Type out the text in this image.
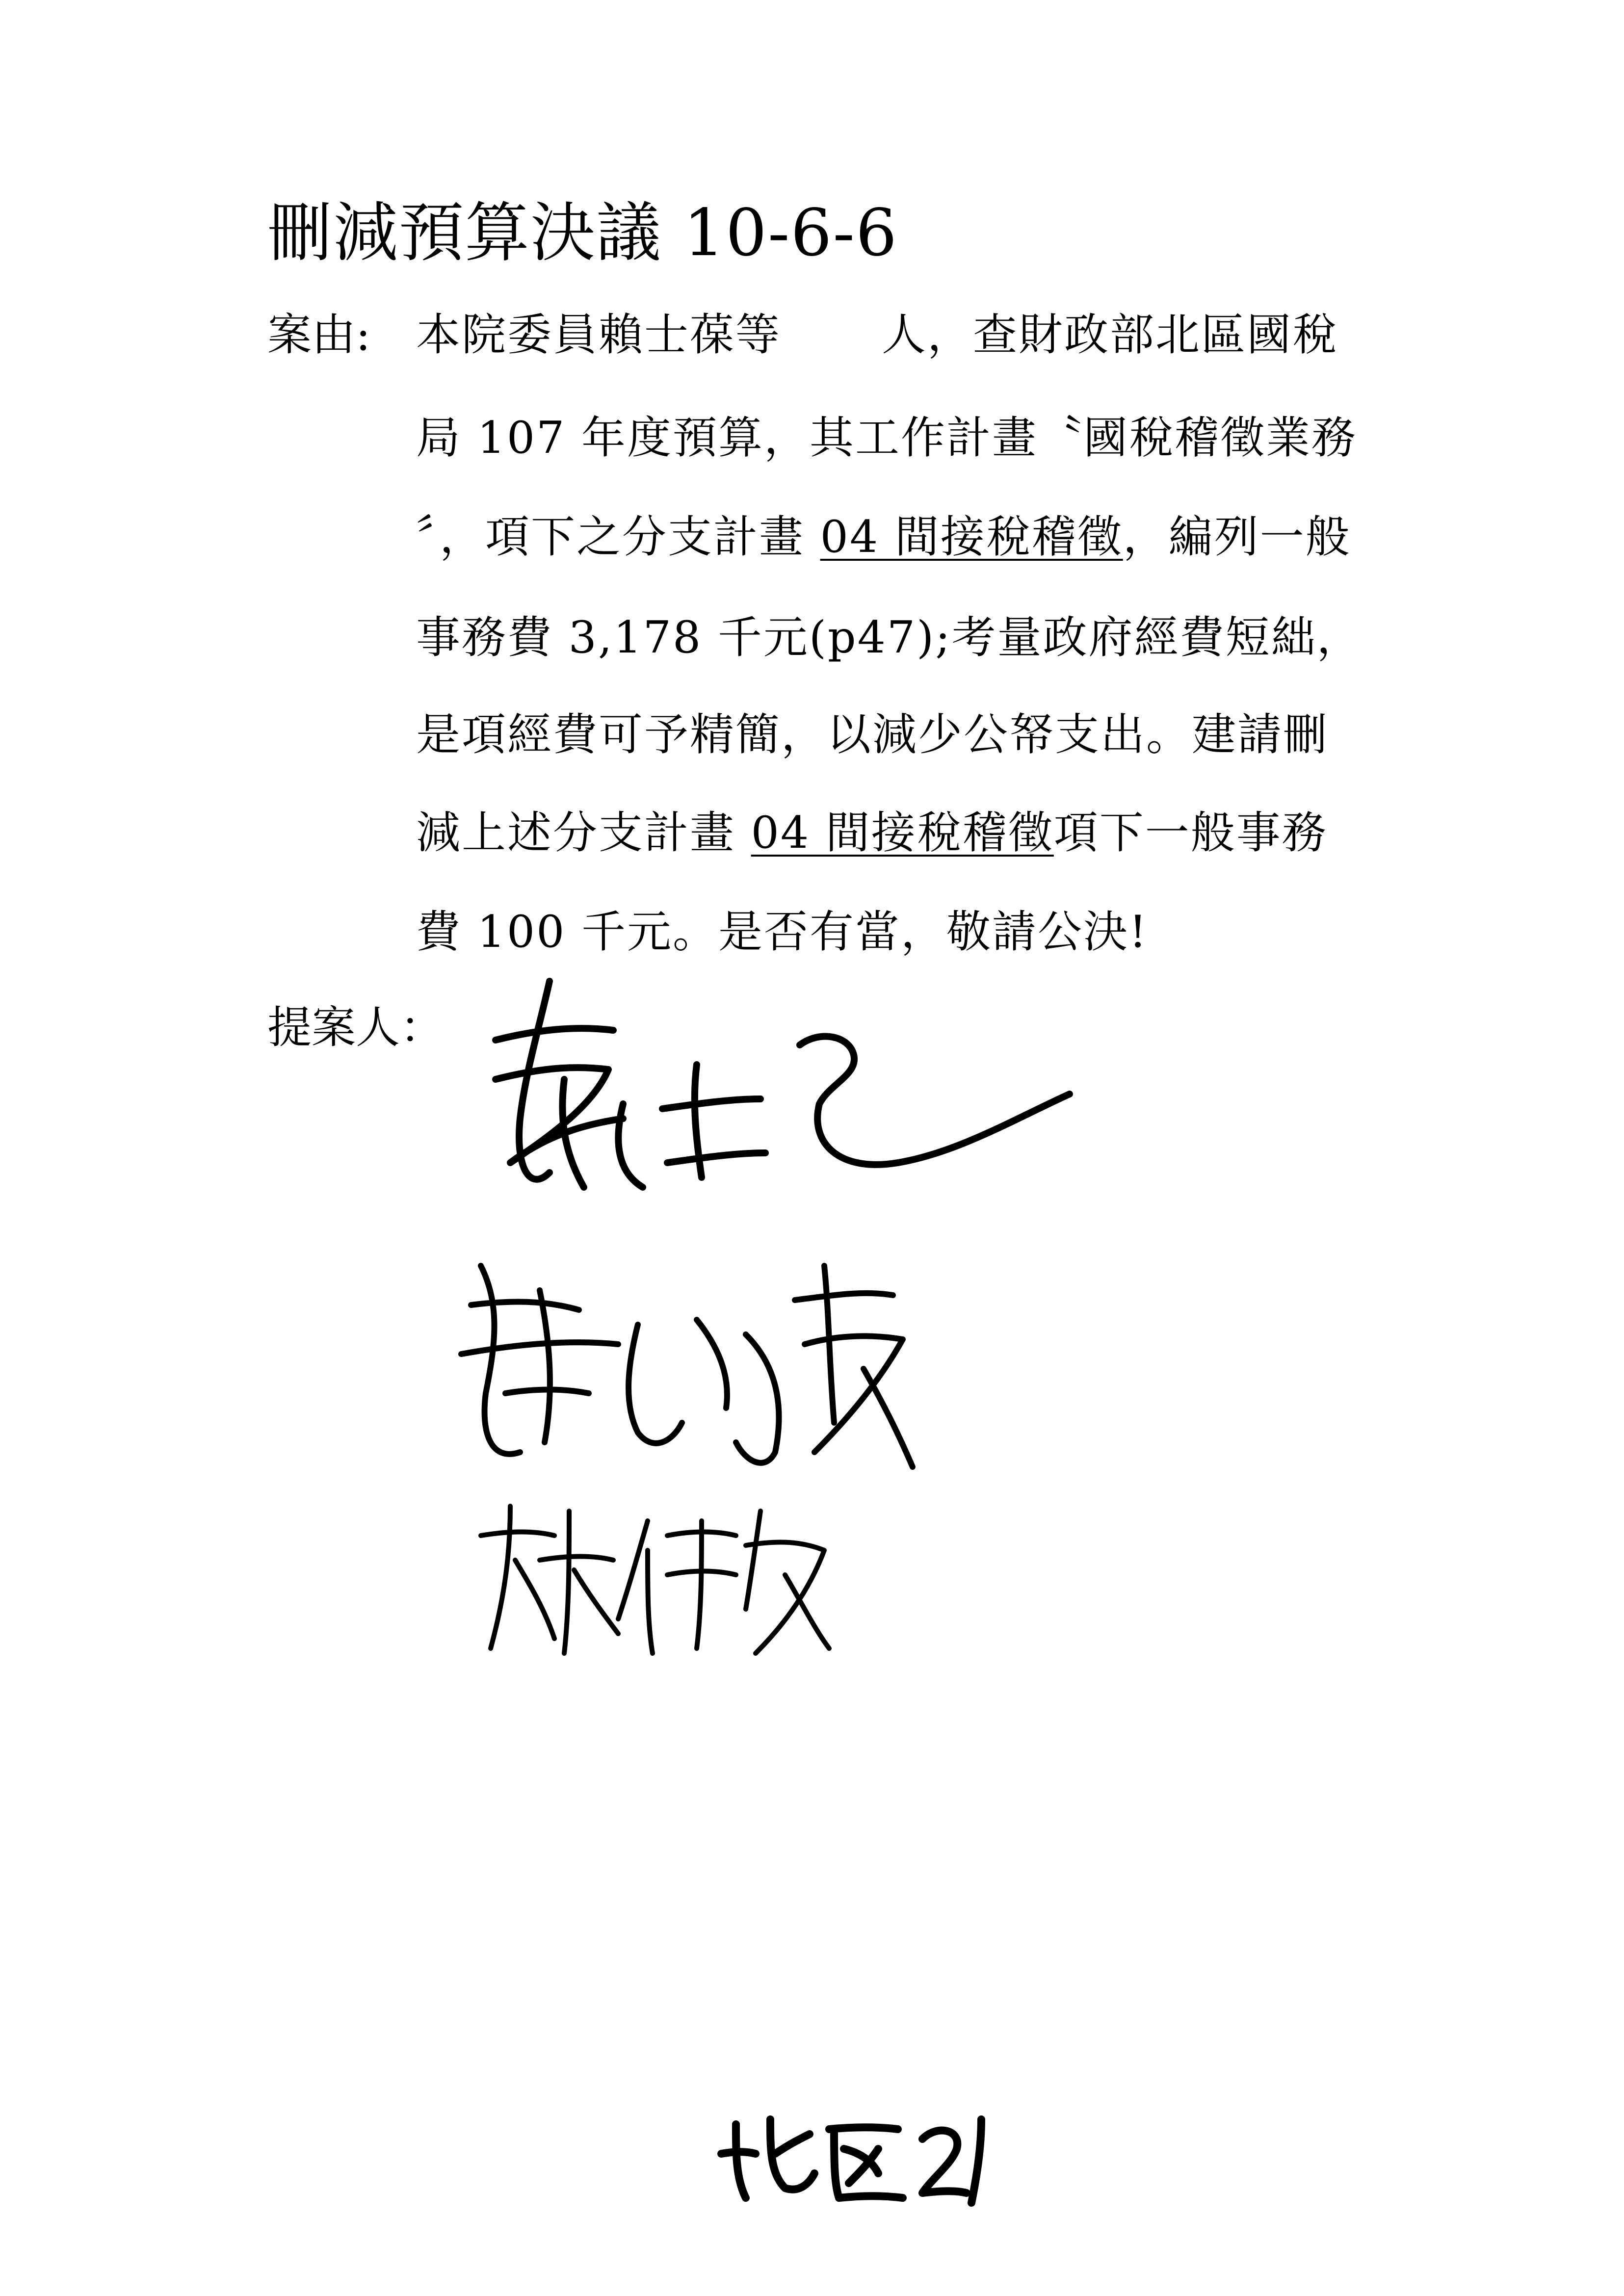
刪減預算決議 10-6-6
案由: 本院委員賴士葆等 人，查財政部北區國稅
局 107 年度預算，其工作計畫〝國稅稽徵業務
〞，項下之分支計畫 04 間接稅稽徵，編列一般
事務費 3,178 千元(p47);考量政府經費短絀，
是項經費可予精簡，以減少公帑支出。建請刪
減上述分支計畫 04 間接稅稽徵項下一般事務
費 100 千元。是否有當，敬請公決!
提案人：
